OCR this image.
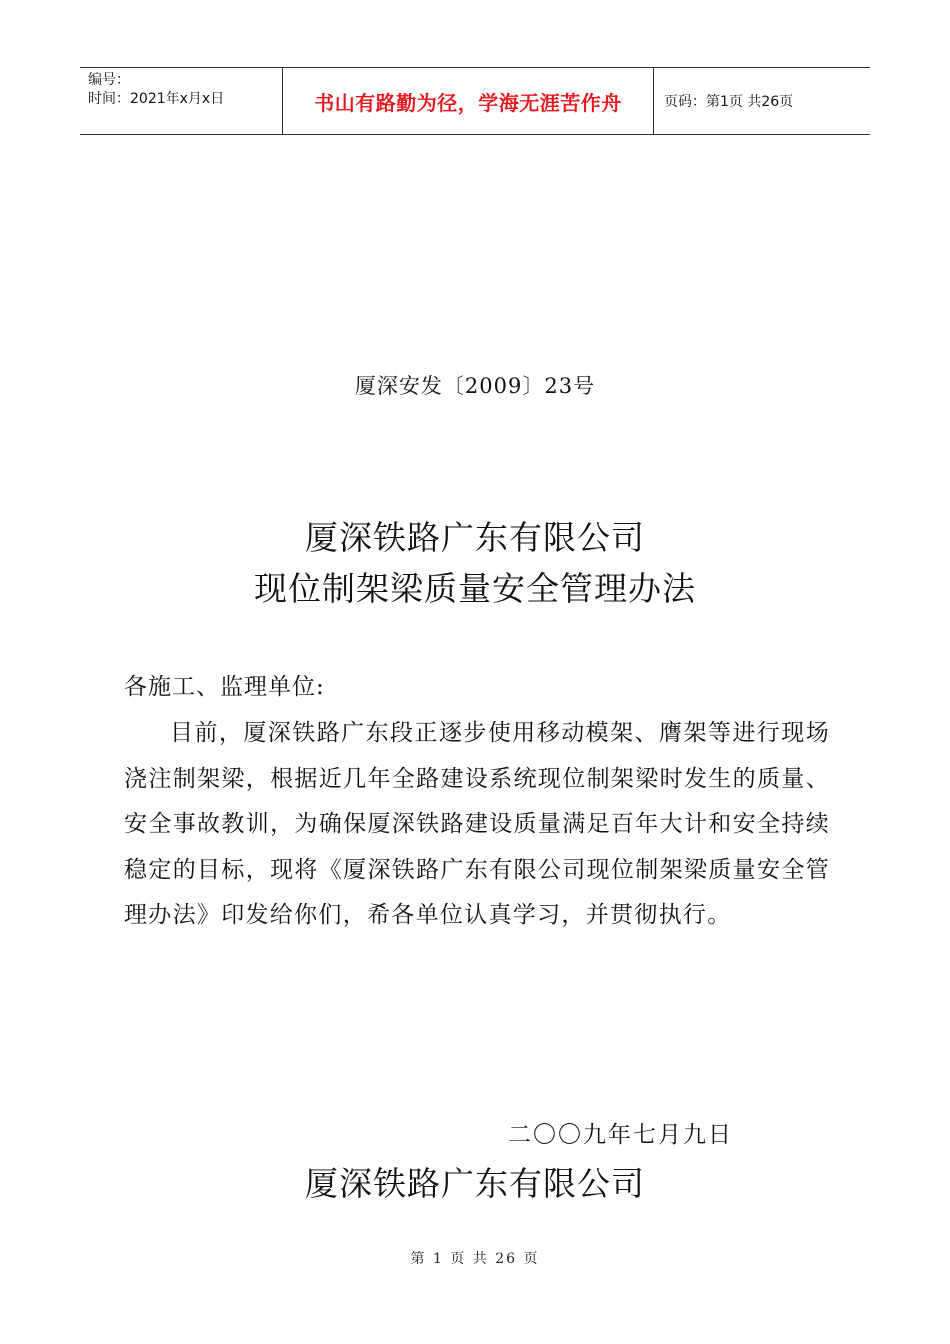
编号：
时间：2021年x月x日	书山有路勤为径，学海无涯苦作舟	页码：第1页 共26页
厦深安发〔2009〕23号
厦深铁路广东有限公司
现位制架梁质量安全管理办法
各施工、监理单位:
目前，厦深铁路广东段正逐步使用移动模架、膺架等进行现场浇注制架梁，根据近几年全路建设系统现位制架梁时发生的质量、安全事故教训，为确保厦深铁路建设质量满足百年大计和安全持续稳定的目标，现将《厦深铁路广东有限公司现位制架梁质量安全管理办法》印发给你们，希各单位认真学习，并贯彻执行。
二〇〇九年七月九日
厦深铁路广东有限公司
第 1 页 共 26 页
